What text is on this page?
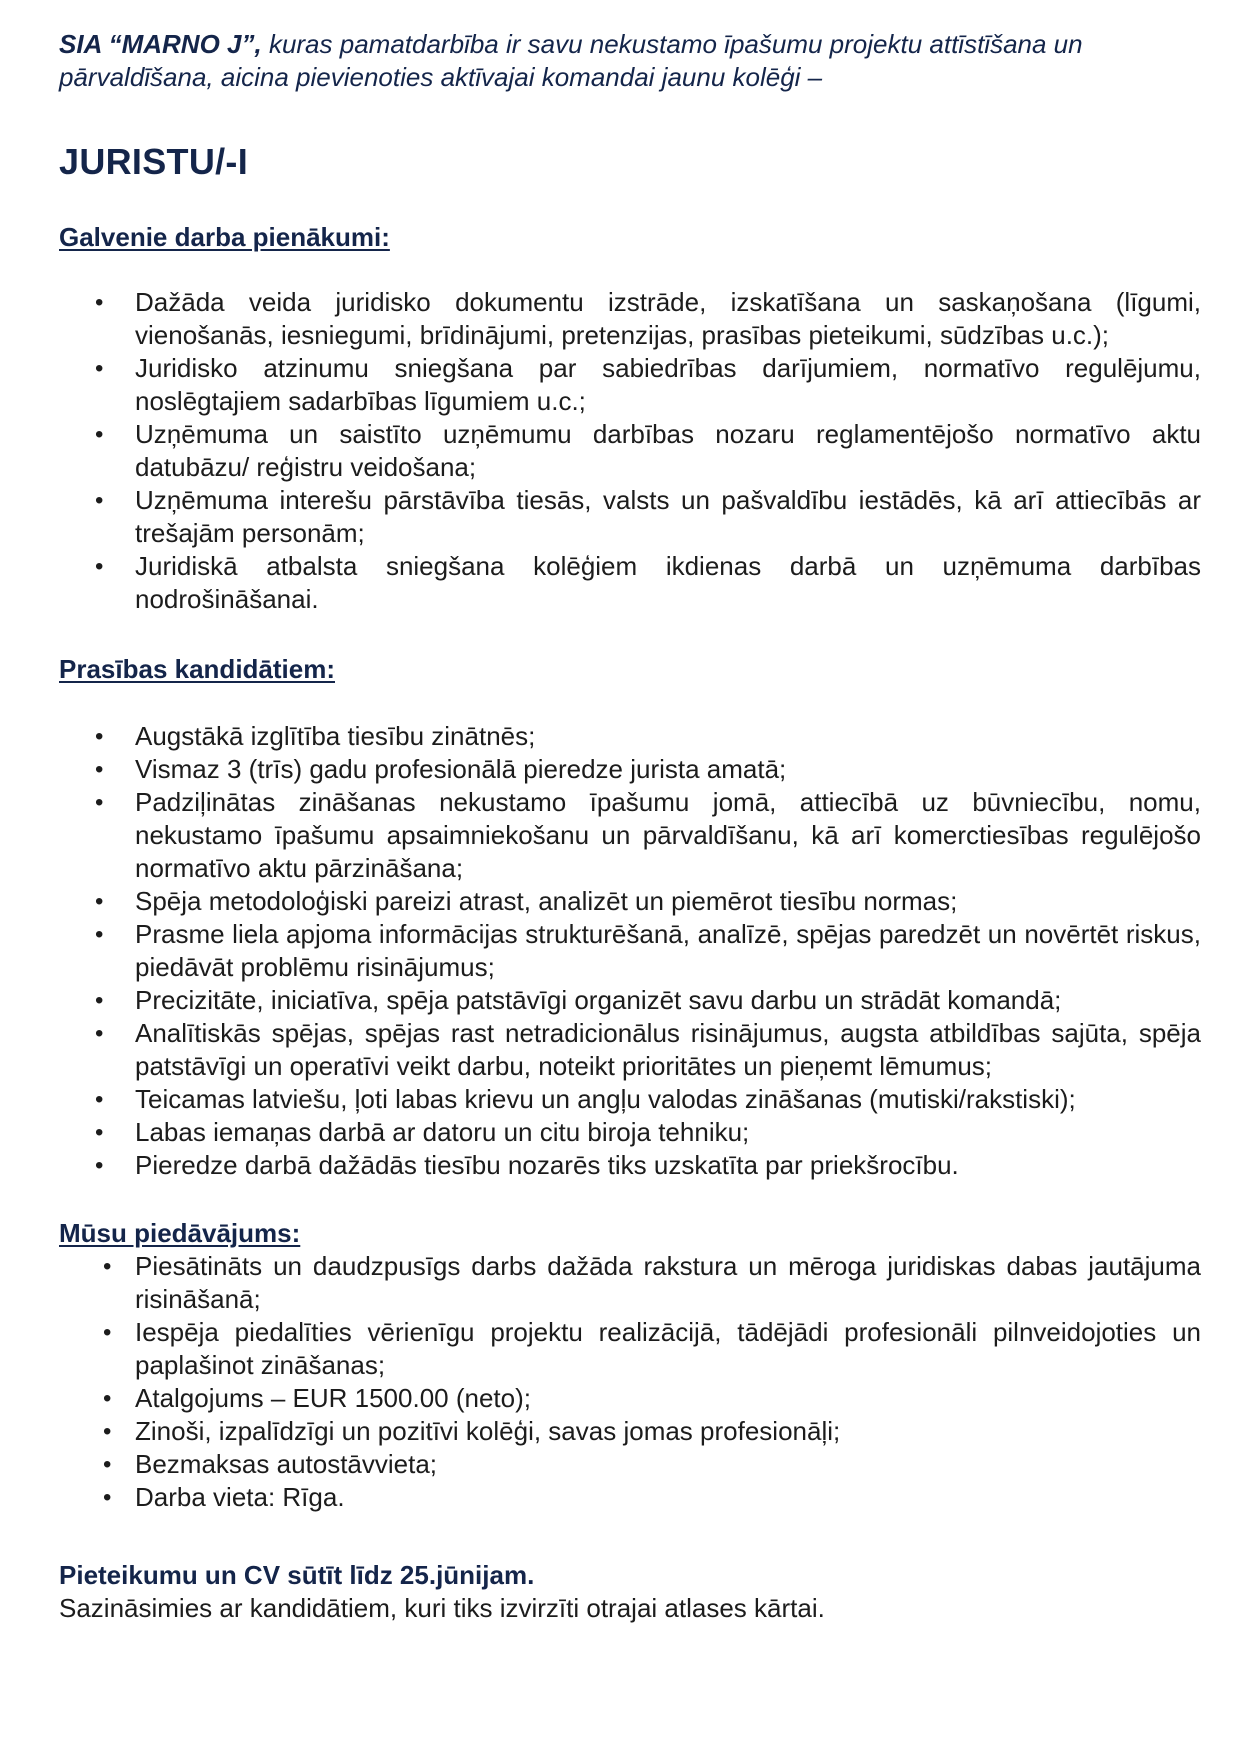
SIA “MARNO J”, kuras pamatdarbība ir savu nekustamo īpašumu projektu attīstīšana un pārvaldīšana, aicina pievienoties aktīvajai komandai jaunu kolēģi –

JURISTU/-I
Galvenie darba pienākumi:
• Dažāda veida juridisko dokumentu izstrāde, izskatīšana un saskaņošana (līgumi, vienošanās, iesniegumi, brīdinājumi, pretenzijas, prasības pieteikumi, sūdzības u.c.);
• Juridisko atzinumu sniegšana par sabiedrības darījumiem, normatīvo regulējumu, noslēgtajiem sadarbības līgumiem u.c.;
• Uzņēmuma un saistīto uzņēmumu darbības nozaru reglamentējošo normatīvo aktu datubāzu/ reģistru veidošana;
• Uzņēmuma interešu pārstāvība tiesās, valsts un pašvaldību iestādēs, kā arī attiecībās ar trešajām personām;
• Juridiskā atbalsta sniegšana kolēģiem ikdienas darbā un uzņēmuma darbības nodrošināšanai.
Prasības kandidātiem:
• Augstākā izglītība tiesību zinātnēs;
• Vismaz 3 (trīs) gadu profesionālā pieredze jurista amatā;
• Padziļinātas zināšanas nekustamo īpašumu jomā, attiecībā uz būvniecību, nomu, nekustamo īpašumu apsaimniekošanu un pārvaldīšanu, kā arī komerctiesības regulējošo normatīvo aktu pārzināšana;
• Spēja metodoloģiski pareizi atrast, analizēt un piemērot tiesību normas;
• Prasme liela apjoma informācijas strukturēšanā, analīzē, spējas paredzēt un novērtēt riskus, piedāvāt problēmu risinājumus;
• Precizitāte, iniciatīva, spēja patstāvīgi organizēt savu darbu un strādāt komandā;
• Analītiskās spējas, spējas rast netradicionālus risinājumus, augsta atbildības sajūta, spēja patstāvīgi un operatīvi veikt darbu, noteikt prioritātes un pieņemt lēmumus;
• Teicamas latviešu, ļoti labas krievu un angļu valodas zināšanas (mutiski/rakstiski);
• Labas iemaņas darbā ar datoru un citu biroja tehniku;
• Pieredze darbā dažādās tiesību nozarēs tiks uzskatīta par priekšrocību.
Mūsu piedāvājums:
• Piesātināts un daudzpusīgs darbs dažāda rakstura un mēroga juridiskas dabas jautājuma risināšanā;
• Iespēja piedalīties vērienīgu projektu realizācijā, tādējādi profesionāli pilnveidojoties un paplašinot zināšanas;
• Atalgojums – EUR 1500.00 (neto);
• Zinoši, izpalīdzīgi un pozitīvi kolēģi, savas jomas profesionāļi;
• Bezmaksas autostāvvieta;
• Darba vieta: Rīga.

Pieteikumu un CV sūtīt līdz 25.jūnijam.

Sazināsimies ar kandidātiem, kuri tiks izvirzīti otrajai atlases kārtai.
